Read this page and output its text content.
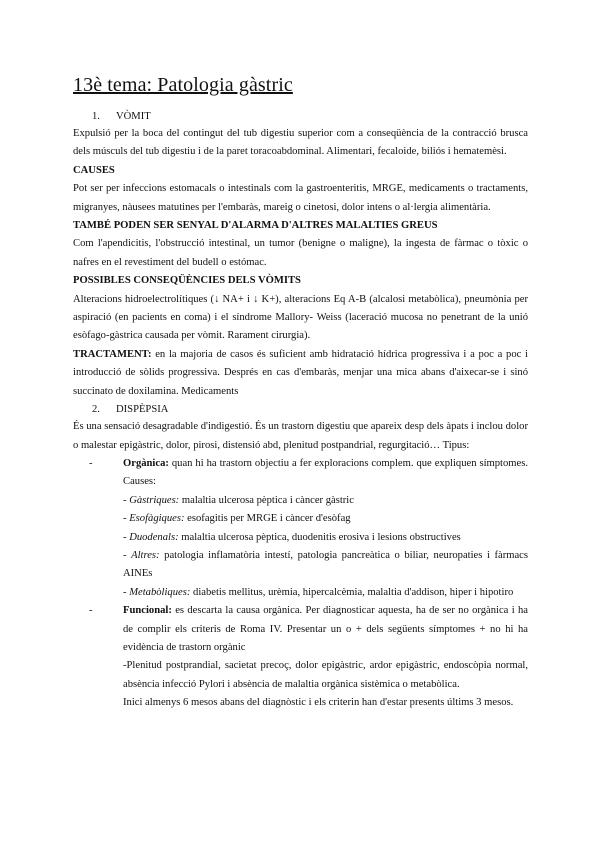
13è tema: Patologia gàstric
1.	VÒMIT

Expulsió per la boca del contingut del tub digestiu superior com a conseqüència de la contracció brusca dels músculs del tub digestiu i de la paret toracoabdominal. Alimentari, fecaloide, biliós i hematemèsi.

CAUSES

Pot ser per infeccions estomacals o intestinals com la gastroenteritis, MRGE, medicaments o tractaments, migranyes, nàusees matutines per l'embaràs, mareig o cinetosi, dolor intens o al·lergia alimentària.

TAMBÉ PODEN SER SENYAL D'ALARMA D'ALTRES MALALTIES GREUS

Com l'apendicitis, l'obstrucció intestinal, un tumor (benigne o maligne), la ingesta de fàrmac o tòxic o nafres en el revestiment del budell o estómac.

POSSIBLES CONSEQÜÈNCIES DELS VÒMITS

Alteracions hidroelectrolítiques (↓ NA+ i ↓ K+), alteracions Eq A-B (alcalosi metabòlica), pneumònia per aspiració (en pacients en coma) i el síndrome Mallory- Weiss (laceració mucosa no penetrant de la unió esòfago-gàstrica causada per vòmit. Rarament cirurgia).

TRACTAMENT: en la majoria de casos és suficient amb hidratació hídrica progressiva i a poc a poc i introducció de sòlids progressiva. Després en cas d'embaràs, menjar una mica abans d'aixecar-se i sinó succinato de doxilamina. Medicaments

2.	DISPÈPSIA

És una sensació desagradable d'indigestió. És un trastorn digestiu que apareix desp dels àpats i inclou dolor o malestar epigàstric, dolor, pirosi, distensió abd, plenitud postpandrial, regurgitació… Tipus:

-	Orgànica: quan hi ha trastorn objectiu a fer exploracions complem. que expliquen símptomes. Causes:

- Gàstriques: malaltia ulcerosa pèptica i càncer gàstric

- Esofàgiques: esofagitis per MRGE i càncer d'esòfag

- Duodenals: malaltia ulcerosa pèptica, duodenitis erosiva i lesions obstructives

- Altres: patologia inflamatòria intestí, patologia pancreàtica o biliar, neuropaties i fàrmacs AINEs

- Metabòliques: diabetis mellitus, urèmia, hipercalcèmia, malaltia d'addison, hiper i hipotiro

-	Funcional: es descarta la causa orgànica. Per diagnosticar aquesta, ha de ser no orgànica i ha de complir els criteris de Roma IV. Presentar un o + dels següents símptomes + no hi ha evidència de trastorn orgànic

-Plenitud postprandial, sacietat precoç, dolor epigàstric, ardor epigàstric, endoscòpia normal, absència infecció Pylori i absència de malaltia orgànica sistèmica o metabòlica.

Inici almenys 6 mesos abans del diagnòstic i els criterin han d'estar presents últims 3 mesos.
